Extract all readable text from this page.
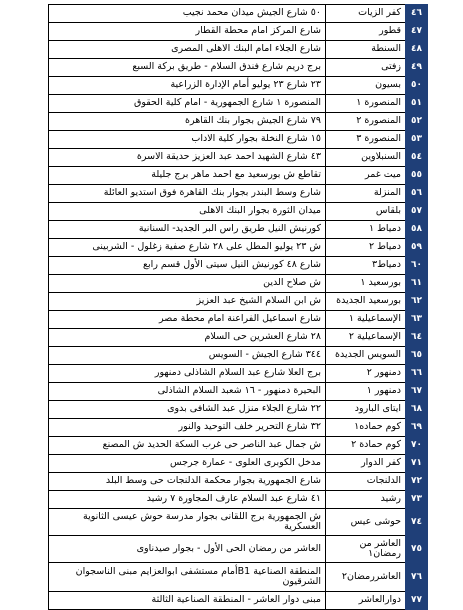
٤٦	كفر الزيات	٥٠ شارع الجيش ميدان محمد نجيب
٤٧	قطور	شارع المركز امام محطة القطار
٤٨	السنطة	شارع الجلاء امام البنك الاهلى المصرى
٤٩	زفتى	برج دريم شارع فندق السلام - طريق بركة السبع
٥٠	بسيون	٢٣ شارع ٢٣ يوليو أمام الإدارة الزراعية
٥١	المنصورة ١	المنصورة ١ شارع الجمهورية - امام كلية الحقوق
٥٢	المنصورة ٢	٧٩ شارع الجيش بجوار بنك القاهرة
٥٣	المنصورة ٣	١٥ شارع النخلة بجوار كلية الاداب
٥٤	السنبلاوين	٤٣ شارع الشهيد احمد عبد العزيز حديقة الاسرة
٥٥	ميت غمر	تقاطع ش بورسعيد مع احمد ماهر برج جليلة
٥٦	المنزلة	شارع وسط البندر بجوار بنك القاهرة فوق استديو العائلة
٥٧	بلقاس	ميدان الثورة بجوار البنك الاهلى
٥٨	دمياط ١	كورنيش النيل طريق راس البر الجديد- السنانية
٥٩	دمياط ٢	ش ٢٣ يوليو المطل على ٢٨ شارع صفية زغلول - الشربينى
٦٠	دمياط٣	شارع ٤٨ كورنيش النيل سيتى الأول قسم رابع
٦١	بورسعيد ١	ش صلاح الدين
٦٢	بورسعيد الجديدة	ش ابن السلام الشيخ عبد العزيز
٦٣	الإسماعيلية ١	شارع اسماعيل الفراعنة امام محطة مصر
٦٤	الإسماعيلية ٢	٢٨ شارع العشرين حى السلام
٦٥	السويس الجديدة	٣٤٤ شارع الجيش - السويس
٦٦	دمنهور ٢	برج العلا شارع عبد السلام الشاذلى دمنهور
٦٧	دمنهور ١	البحيرة دمنهور - ١٦ شعبد السلام الشاذلى
٦٨	ايتاى البارود	٢٢ شارع الجلاء منزل عبد الشافى بدوى
٦٩	كوم حماده١	٣٢ شارع التحرير خلف التوحيد والنور
٧٠	كوم حمادة ٢	ش جمال عبد الناصر حى غرب السكة الحديد ش المصنع
٧١	كفر الدوار	مدخل الكوبرى العلوى - عمارة جرجس
٧٢	الدلنجات	شارع الجمهورية بجوار محكمة الدلنجات حى وسط البلد
٧٣	رشيد	٤١ شارع عبد السلام عارف المجاورة ٧ رشيد
٧٤	حوشى عيس	ش الجمهورية برج اللقانى بجوار مدرسة حوش عيسى الثانوية العسكرية
٧٥	العاشر من رمضان١	العاشر من رمضان الحى الأول - بجوار صيدناوى
٧٦	العاشررمضان٢	المنطقة الصناعية B1أمام مستشفى ابوالعزايم مبنى الناسجوان الشرقيون
٧٧	دوارالعاشر	مبنى دوار العاشر - المنطقة الصناعية الثالثة
